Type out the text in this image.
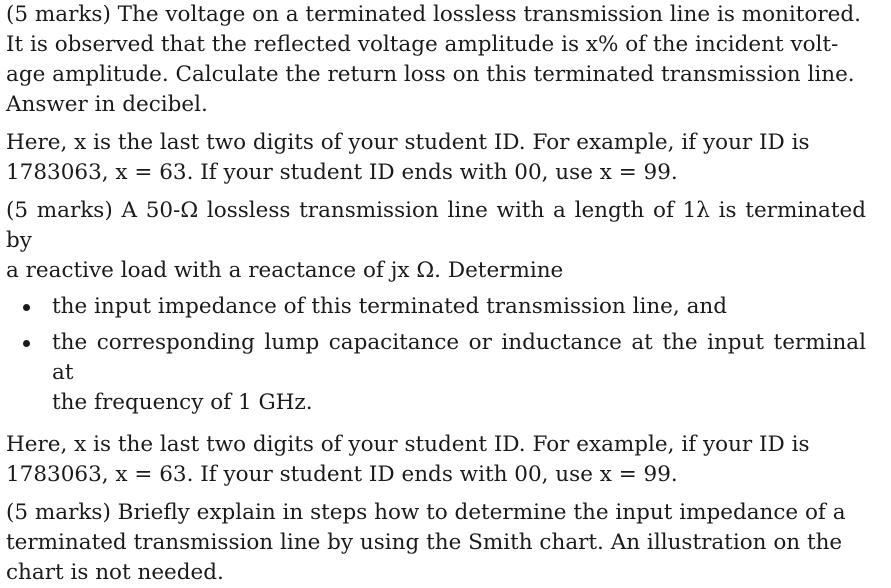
(5 marks) The voltage on a terminated lossless transmission line is monitored.
It is observed that the reflected voltage amplitude is x% of the incident volt-
age amplitude. Calculate the return loss on this terminated transmission line.
Answer in decibel.
Here, x is the last two digits of your student ID. For example, if your ID is
1783063, x = 63. If your student ID ends with 00, use x = 99.
(5 marks) A 50-Ω lossless transmission line with a length of 1λ is terminated by
a reactive load with a reactance of jx Ω. Determine
the input impedance of this terminated transmission line, and
the corresponding lump capacitance or inductance at the input terminal at
the frequency of 1 GHz.
Here, x is the last two digits of your student ID. For example, if your ID is
1783063, x = 63. If your student ID ends with 00, use x = 99.
(5 marks) Briefly explain in steps how to determine the input impedance of a
terminated transmission line by using the Smith chart. An illustration on the
chart is not needed.
